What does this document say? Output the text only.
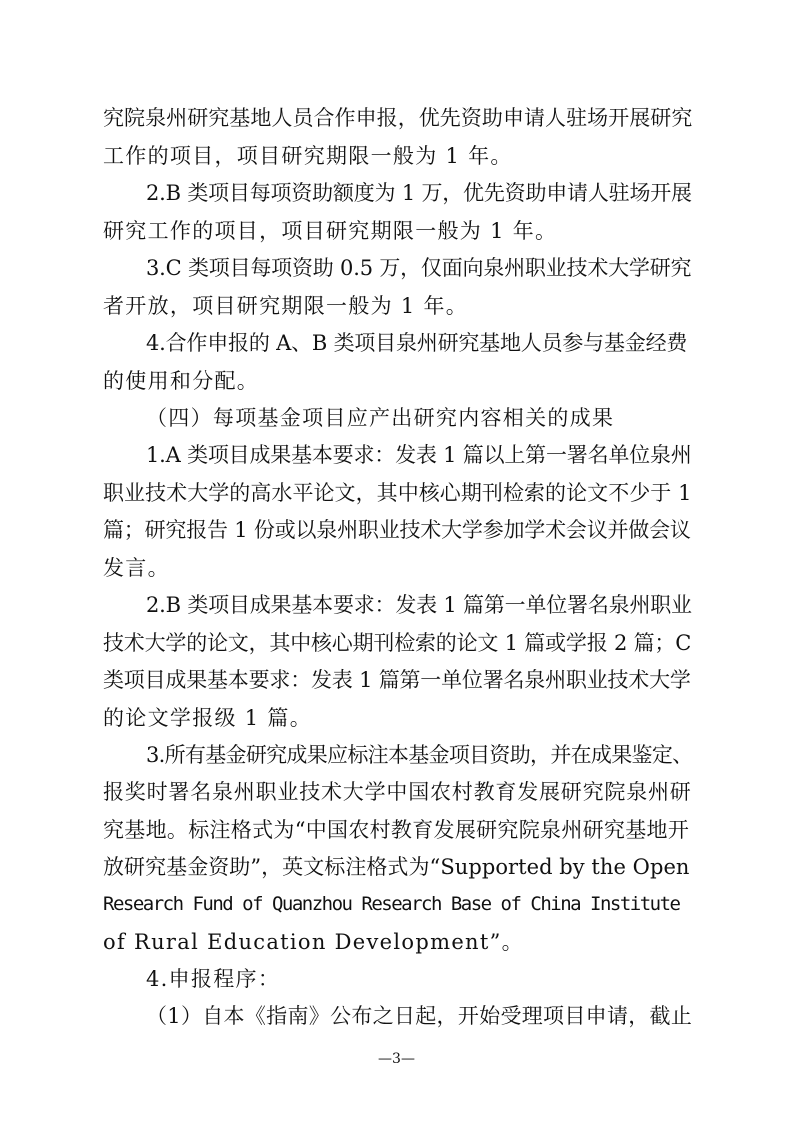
究院泉州研究基地人员合作申报，优先资助申请人驻场开展研究
工作的项目，项目研究期限一般为 1 年。
2.B 类项目每项资助额度为 1 万，优先资助申请人驻场开展
研究工作的项目，项目研究期限一般为 1 年。
3.C 类项目每项资助 0.5 万，仅面向泉州职业技术大学研究
者开放，项目研究期限一般为 1 年。
4.合作申报的 A、B 类项目泉州研究基地人员参与基金经费
的使用和分配。
（四）每项基金项目应产出研究内容相关的成果
1.A 类项目成果基本要求：发表 1 篇以上第一署名单位泉州
职业技术大学的高水平论文，其中核心期刊检索的论文不少于 1
篇；研究报告 1 份或以泉州职业技术大学参加学术会议并做会议
发言。
2.B 类项目成果基本要求：发表 1 篇第一单位署名泉州职业
技术大学的论文，其中核心期刊检索的论文 1 篇或学报 2 篇；C
类项目成果基本要求：发表 1 篇第一单位署名泉州职业技术大学
的论文学报级 1 篇。
3.所有基金研究成果应标注本基金项目资助，并在成果鉴定、
报奖时署名泉州职业技术大学中国农村教育发展研究院泉州研
究基地。标注格式为“中国农村教育发展研究院泉州研究基地开
放研究基金资助”，英文标注格式为“Supported by the Open
Research Fund of Quanzhou Research Base of China Institute
of Rural Education Development”。
4.申报程序：
（1）自本《指南》公布之日起，开始受理项目申请，截止
—3—
